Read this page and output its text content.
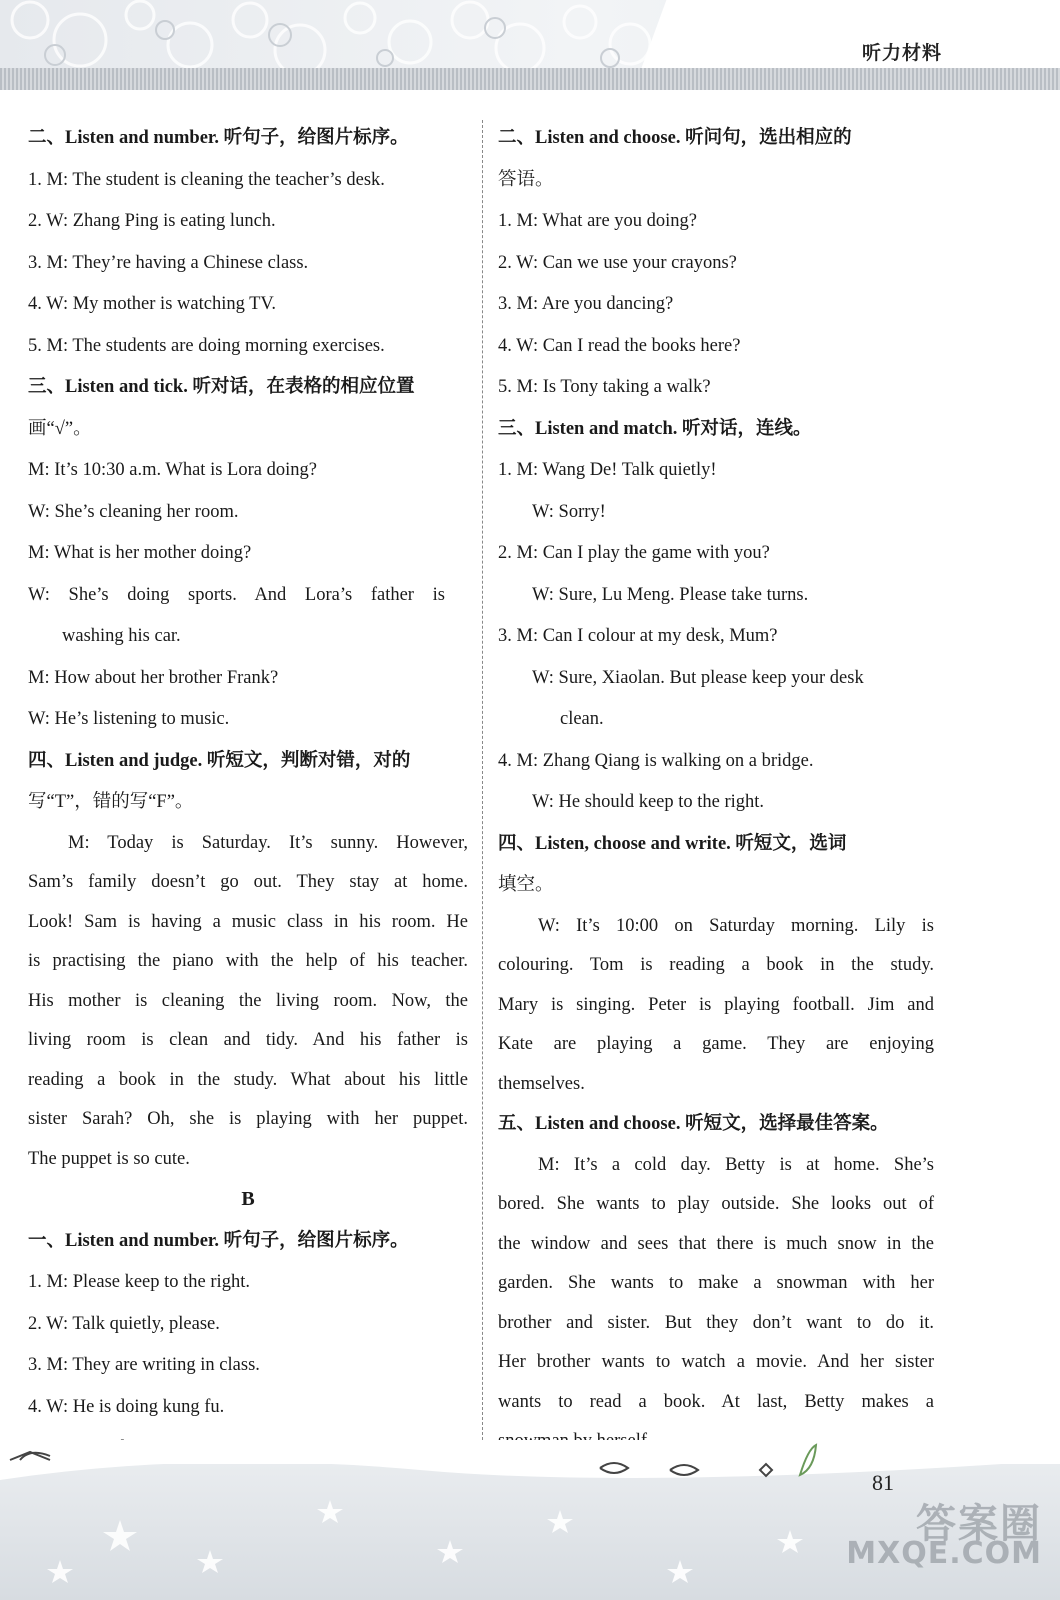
听力材料

二、Listen and number. 听句子，给图片标序。

1. M: The student is cleaning the teacher’s desk.

2. W: Zhang Ping is eating lunch.

3. M: They’re having a Chinese class.

4. W: My mother is watching TV.

5. M: The students are doing morning exercises.

三、Listen and tick. 听对话，在表格的相应位置

画“√”。

M: It’s 10:30 a.m. What is Lora doing?

W: She’s cleaning her room.

M: What is her mother doing?

W: She’s doing sports. And Lora’s father is

washing his car.

M: How about her brother Frank?

W: He’s listening to music.

四、Listen and judge. 听短文，判断对错，对的

写“T”，错的写“F”。

M: Today is Saturday. It’s sunny. However,
Sam’s family doesn’t go out. They stay at home.
Look! Sam is having a music class in his room. He
is practising the piano with the help of his teacher.
His mother is cleaning the living room. Now, the
living room is clean and tidy. And his father is
reading a book in the study. What about his little
sister Sarah? Oh, she is playing with her puppet.
The puppet is so cute.

B

一、Listen and number. 听句子，给图片标序。

1. M: Please keep to the right.

2. W: Talk quietly, please.

3. M: They are writing in class.

4. W: He is doing kung fu.

二、Listen and choose. 听问句，选出相应的

答语。

1. M: What are you doing?

2. W: Can we use your crayons?

3. M: Are you dancing?

4. W: Can I read the books here?

5. M: Is Tony taking a walk?

三、Listen and match. 听对话，连线。

1. M: Wang De! Talk quietly!

W: Sorry!

2. M: Can I play the game with you?

W: Sure, Lu Meng. Please take turns.

3. M: Can I colour at my desk, Mum?

W: Sure, Xiaolan. But please keep your desk

clean.

4. M: Zhang Qiang is walking on a bridge.

W: He should keep to the right.

四、Listen, choose and write. 听短文，选词

填空。

W: It’s 10:00 on Saturday morning. Lily is
colouring. Tom is reading a book in the study.
Mary is singing. Peter is playing football. Jim and
Kate are playing a game. They are enjoying
themselves.

五、Listen and choose. 听短文，选择最佳答案。

M: It’s a cold day. Betty is at home. She’s
bored. She wants to play outside. She looks out of
the window and sees that there is much snow in the
garden. She wants to make a snowman with her
brother and sister. But they don’t want to do it.
Her brother wants to watch a movie. And her sister
wants to read a book. At last, Betty makes a
81
答案圈
MXQE.COM
